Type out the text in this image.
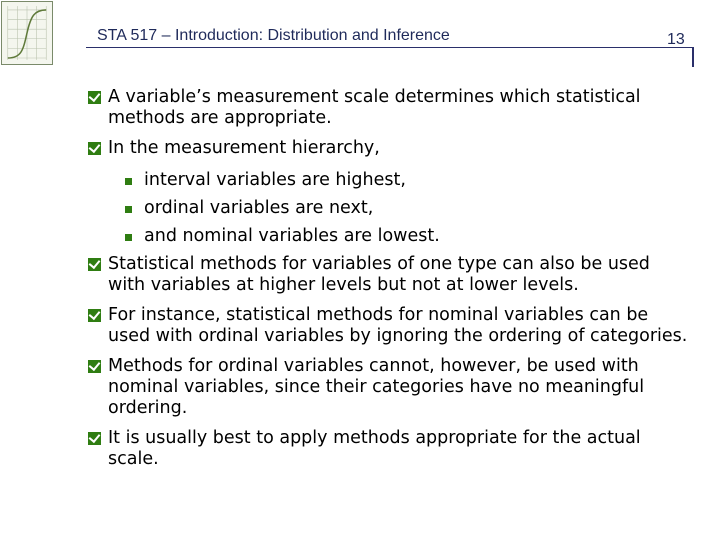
STA 517 – Introduction: Distribution and Inference	13
A variable’s measurement scale determines which statistical methods are appropriate.
In the measurement hierarchy,
interval variables are highest,
ordinal variables are next,
and nominal variables are lowest.
Statistical methods for variables of one type can also be used with variables at higher levels but not at lower levels.
For instance, statistical methods for nominal variables can be used with ordinal variables by ignoring the ordering of categories.
Methods for ordinal variables cannot, however, be used with nominal variables, since their categories have no meaningful ordering.
It is usually best to apply methods appropriate for the actual scale.
